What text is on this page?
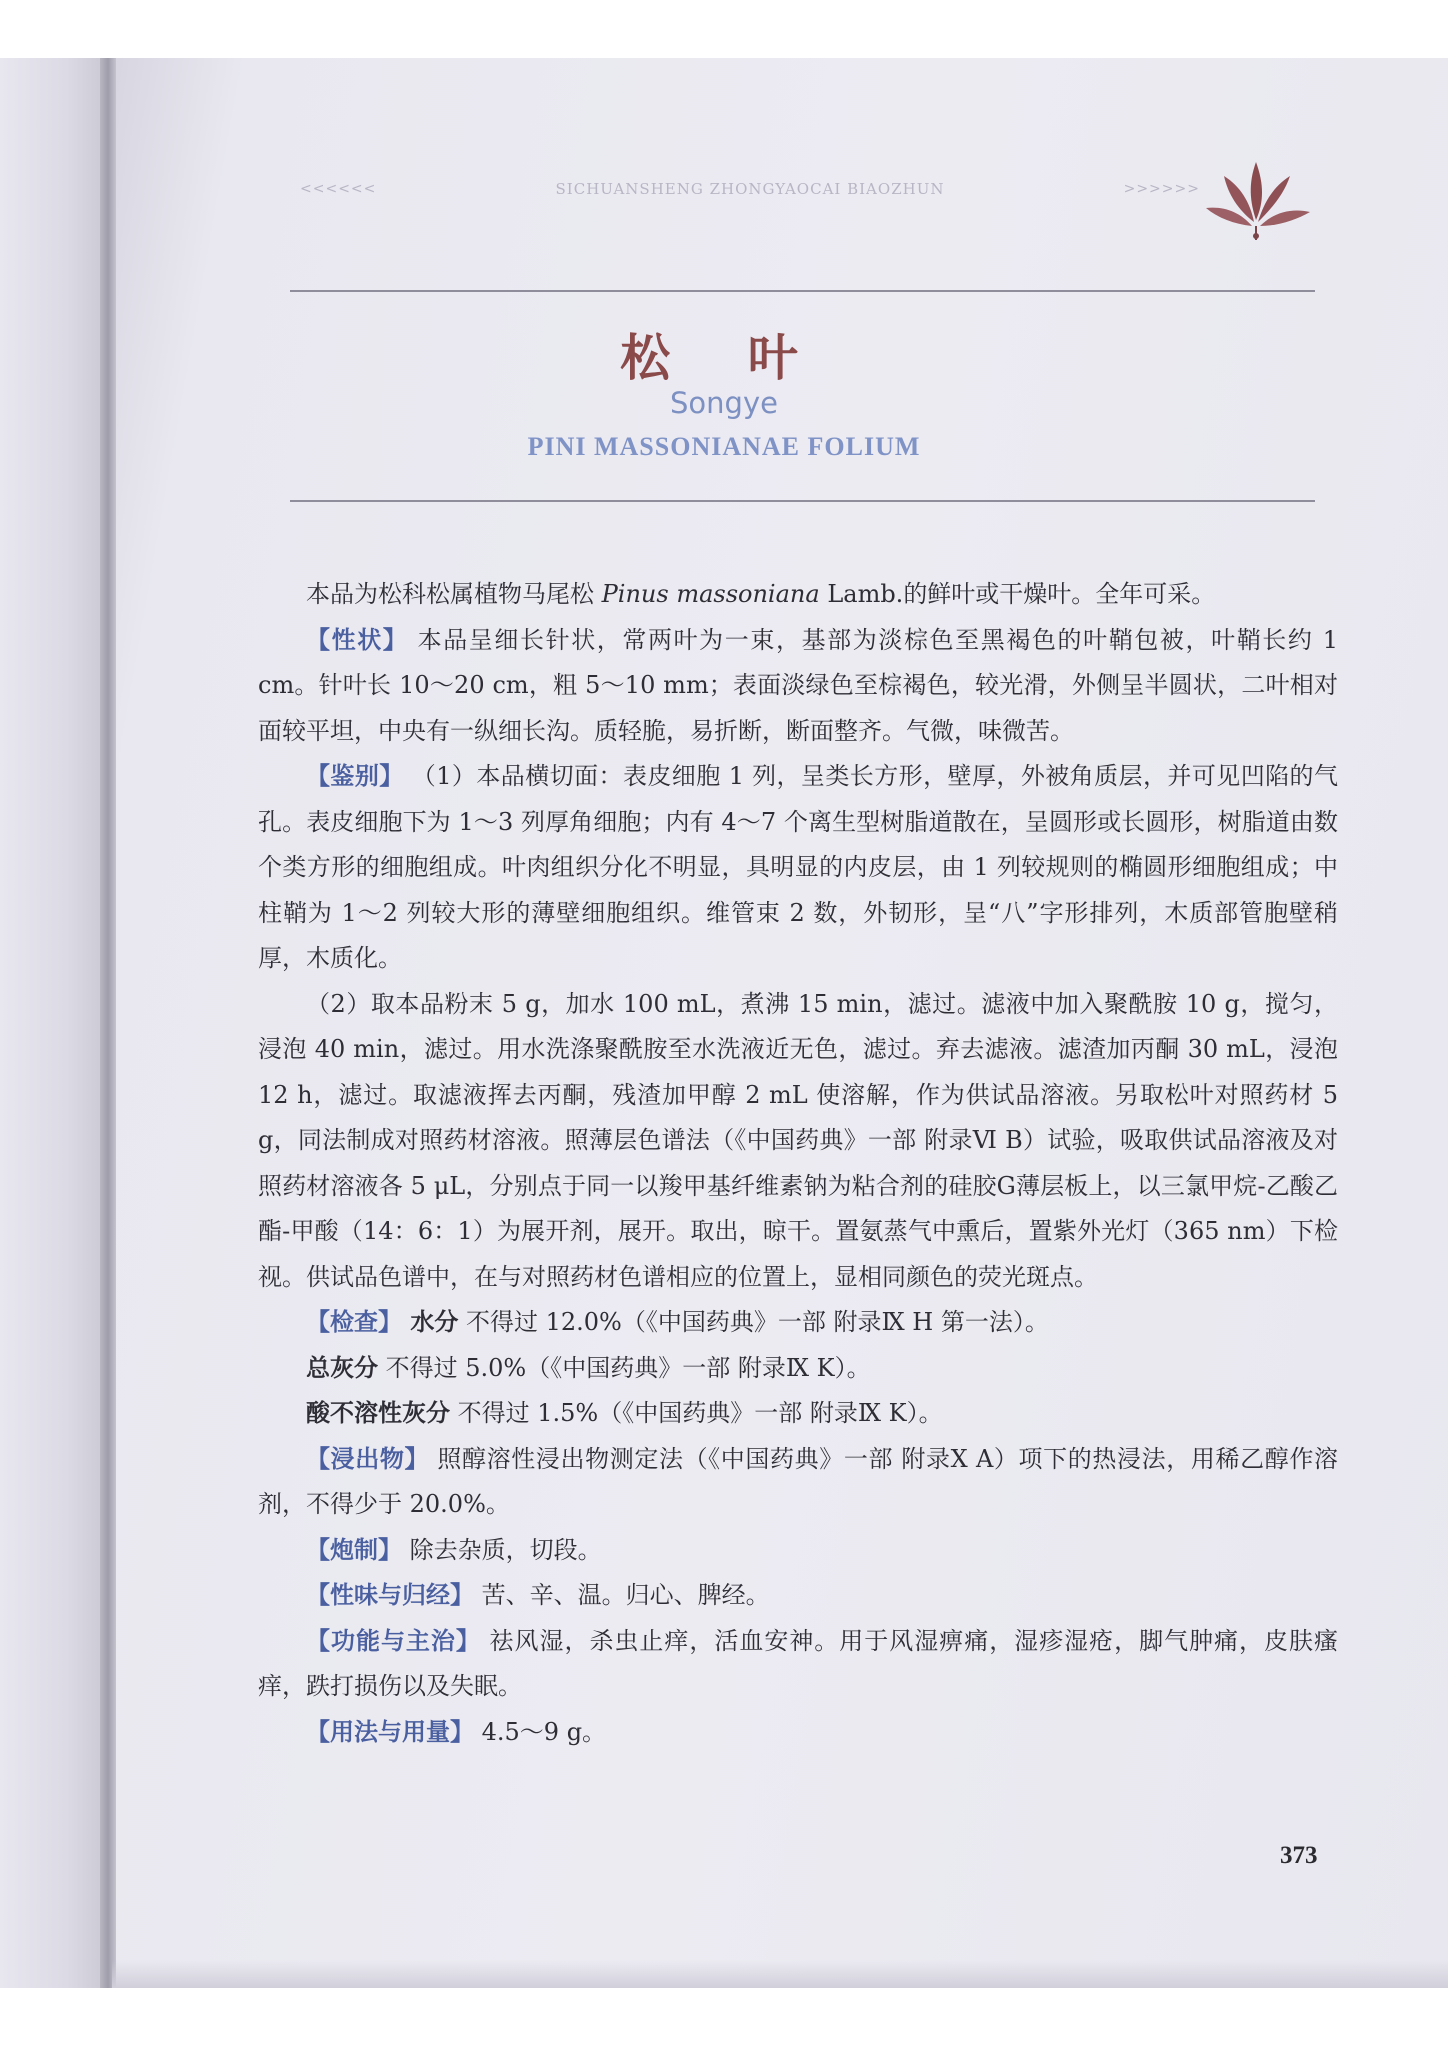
<<<<<<	SICHUANSHENG ZHONGYAOCAI BIAOZHUN	>>>>>>
松 叶
Songye
PINI MASSONIANAE FOLIUM

本品为松科松属植物马尾松 Pinus massoniana Lamb.的鲜叶或干燥叶。全年可采。

【性状】 本品呈细长针状，常两叶为一束，基部为淡棕色至黑褐色的叶鞘包被，叶鞘长约 1 cm。针叶长 10～20 cm，粗 5～10 mm；表面淡绿色至棕褐色，较光滑，外侧呈半圆状，二叶相对面较平坦，中央有一纵细长沟。质轻脆，易折断，断面整齐。气微，味微苦。

【鉴别】 （1）本品横切面：表皮细胞 1 列，呈类长方形，壁厚，外被角质层，并可见凹陷的气孔。表皮细胞下为 1～3 列厚角细胞；内有 4～7 个离生型树脂道散在，呈圆形或长圆形，树脂道由数个类方形的细胞组成。叶肉组织分化不明显，具明显的内皮层，由 1 列较规则的椭圆形细胞组成；中柱鞘为 1～2 列较大形的薄壁细胞组织。维管束 2 数，外韧形，呈“八”字形排列，木质部管胞壁稍厚，木质化。

（2）取本品粉末 5 g，加水 100 mL，煮沸 15 min，滤过。滤液中加入聚酰胺 10 g，搅匀，浸泡 40 min，滤过。用水洗涤聚酰胺至水洗液近无色，滤过。弃去滤液。滤渣加丙酮 30 mL，浸泡 12 h，滤过。取滤液挥去丙酮，残渣加甲醇 2 mL 使溶解，作为供试品溶液。另取松叶对照药材 5 g，同法制成对照药材溶液。照薄层色谱法（《中国药典》一部 附录Ⅵ B）试验，吸取供试品溶液及对照药材溶液各 5 μL，分别点于同一以羧甲基纤维素钠为粘合剂的硅胶G薄层板上，以三氯甲烷-乙酸乙酯-甲酸（14：6：1）为展开剂，展开。取出，晾干。置氨蒸气中熏后，置紫外光灯（365 nm）下检视。供试品色谱中，在与对照药材色谱相应的位置上，显相同颜色的荧光斑点。

【检查】 水分 不得过 12.0%（《中国药典》一部 附录Ⅸ H 第一法）。

总灰分 不得过 5.0%（《中国药典》一部 附录Ⅸ K）。

酸不溶性灰分 不得过 1.5%（《中国药典》一部 附录Ⅸ K）。

【浸出物】 照醇溶性浸出物测定法（《中国药典》一部 附录X A）项下的热浸法，用稀乙醇作溶剂，不得少于 20.0%。

【炮制】 除去杂质，切段。

【性味与归经】 苦、辛、温。归心、脾经。

【功能与主治】 祛风湿，杀虫止痒，活血安神。用于风湿痹痛，湿疹湿疮，脚气肿痛，皮肤瘙痒，跌打损伤以及失眠。

【用法与用量】 4.5～9 g。

373
